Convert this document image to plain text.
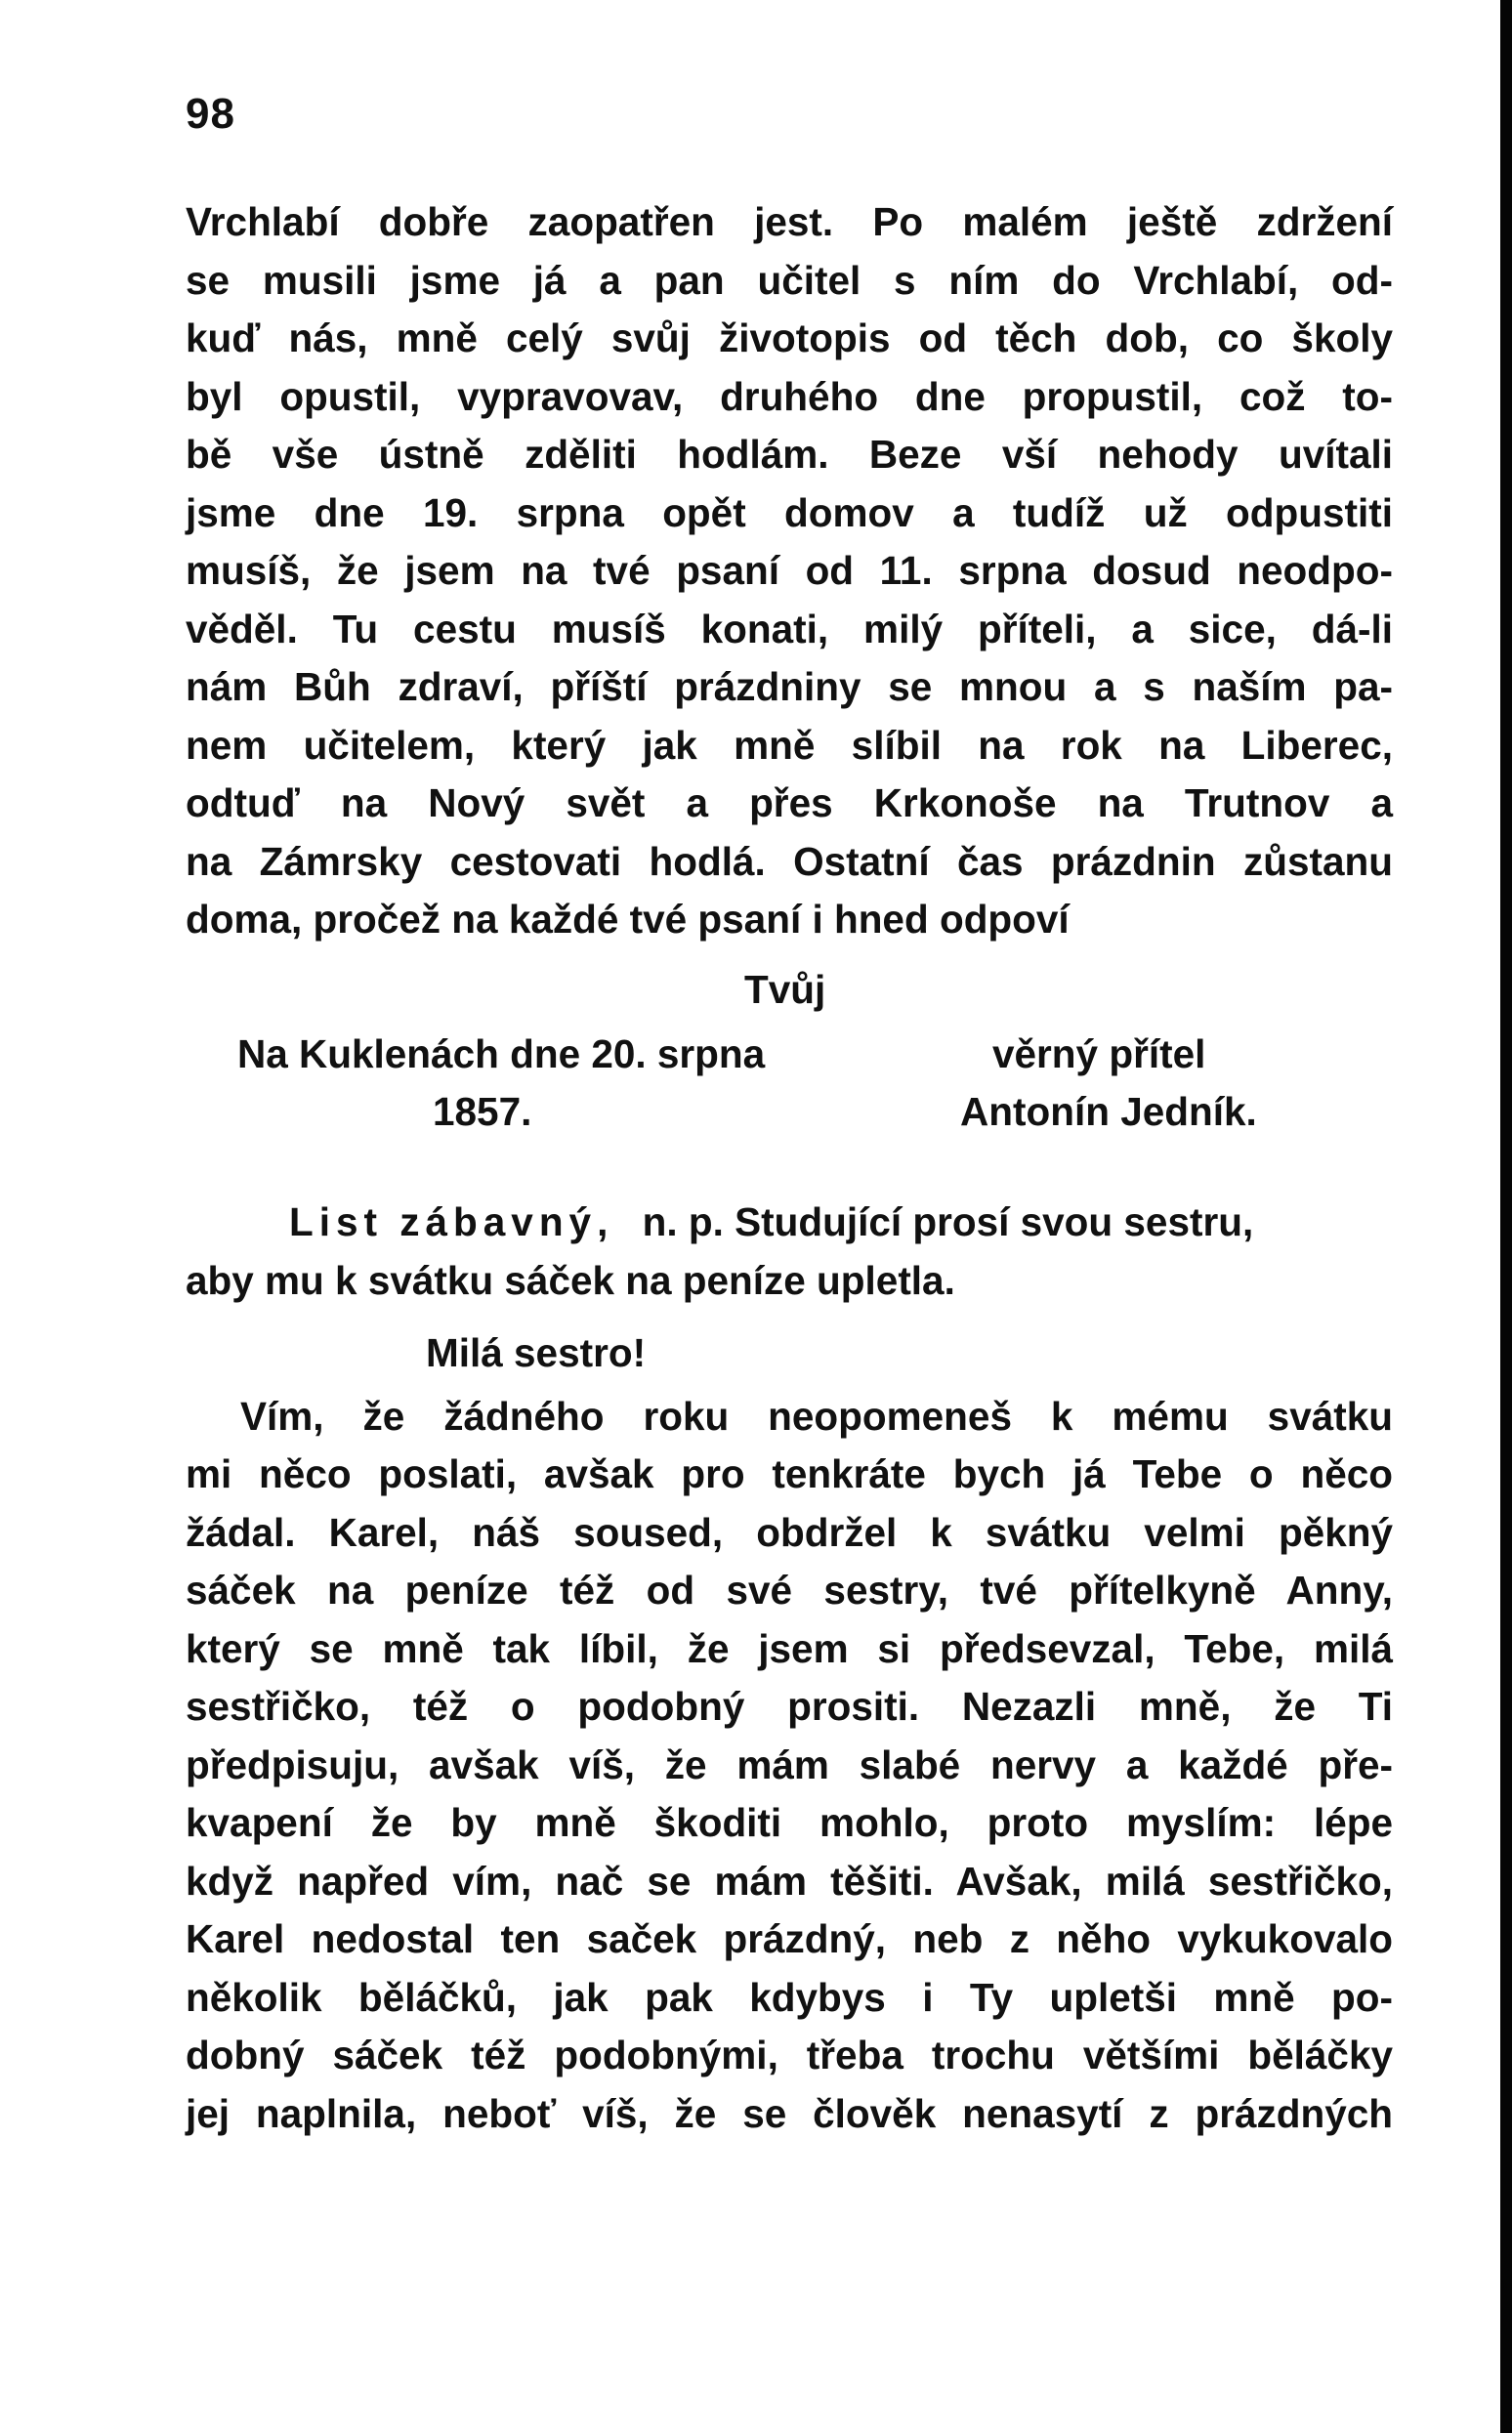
98
Vrchlabí dobře zaopatřen jest. Po malém ještě zdržení
se musili jsme já a pan učitel s ním do Vrchlabí, od-
kuď nás, mně celý svůj životopis od těch dob, co školy
byl opustil, vypravovav, druhého dne propustil, což to-
bě vše ústně zděliti hodlám. Beze vší nehody uvítali
jsme dne 19. srpna opět domov a tudíž už odpustiti
musíš, že jsem na tvé psaní od 11. srpna dosud neodpo-
věděl. Tu cestu musíš konati, milý příteli, a sice, dá-li
nám Bůh zdraví, příští prázdniny se mnou a s naším pa-
nem učitelem, který jak mně slíbil na rok na Liberec,
odtuď na Nový svět a přes Krkonoše na Trutnov a
na Zámrsky cestovati hodlá. Ostatní čas prázdnin zůstanu
doma, pročež na každé tvé psaní i hned odpoví
Tvůj
Na Kuklenách dne 20. srpna	věrný přítel
1857.	Antonín Jedník.
List zábavný, n. p. Studující prosí svou sestru,
aby mu k svátku sáček na peníze upletla.
Milá sestro!
Vím, že žádného roku neopomeneš k mému svátku
mi něco poslati, avšak pro tenkráte bych já Tebe o něco
žádal. Karel, náš soused, obdržel k svátku velmi pěkný
sáček na peníze též od své sestry, tvé přítelkyně Anny,
který se mně tak líbil, že jsem si předsevzal, Tebe, milá
sestřičko, též o podobný prositi. Nezazli mně, že Ti
předpisuju, avšak víš, že mám slabé nervy a každé pře-
kvapení že by mně škoditi mohlo, proto myslím: lépe
když napřed vím, nač se mám těšiti. Avšak, milá sestřičko,
Karel nedostal ten saček prázdný, neb z něho vykukovalo
několik běláčků, jak pak kdybys i Ty upletši mně po-
dobný sáček též podobnými, třeba trochu většími běláčky
jej naplnila, neboť víš, že se člověk nenasytí z prázdných
